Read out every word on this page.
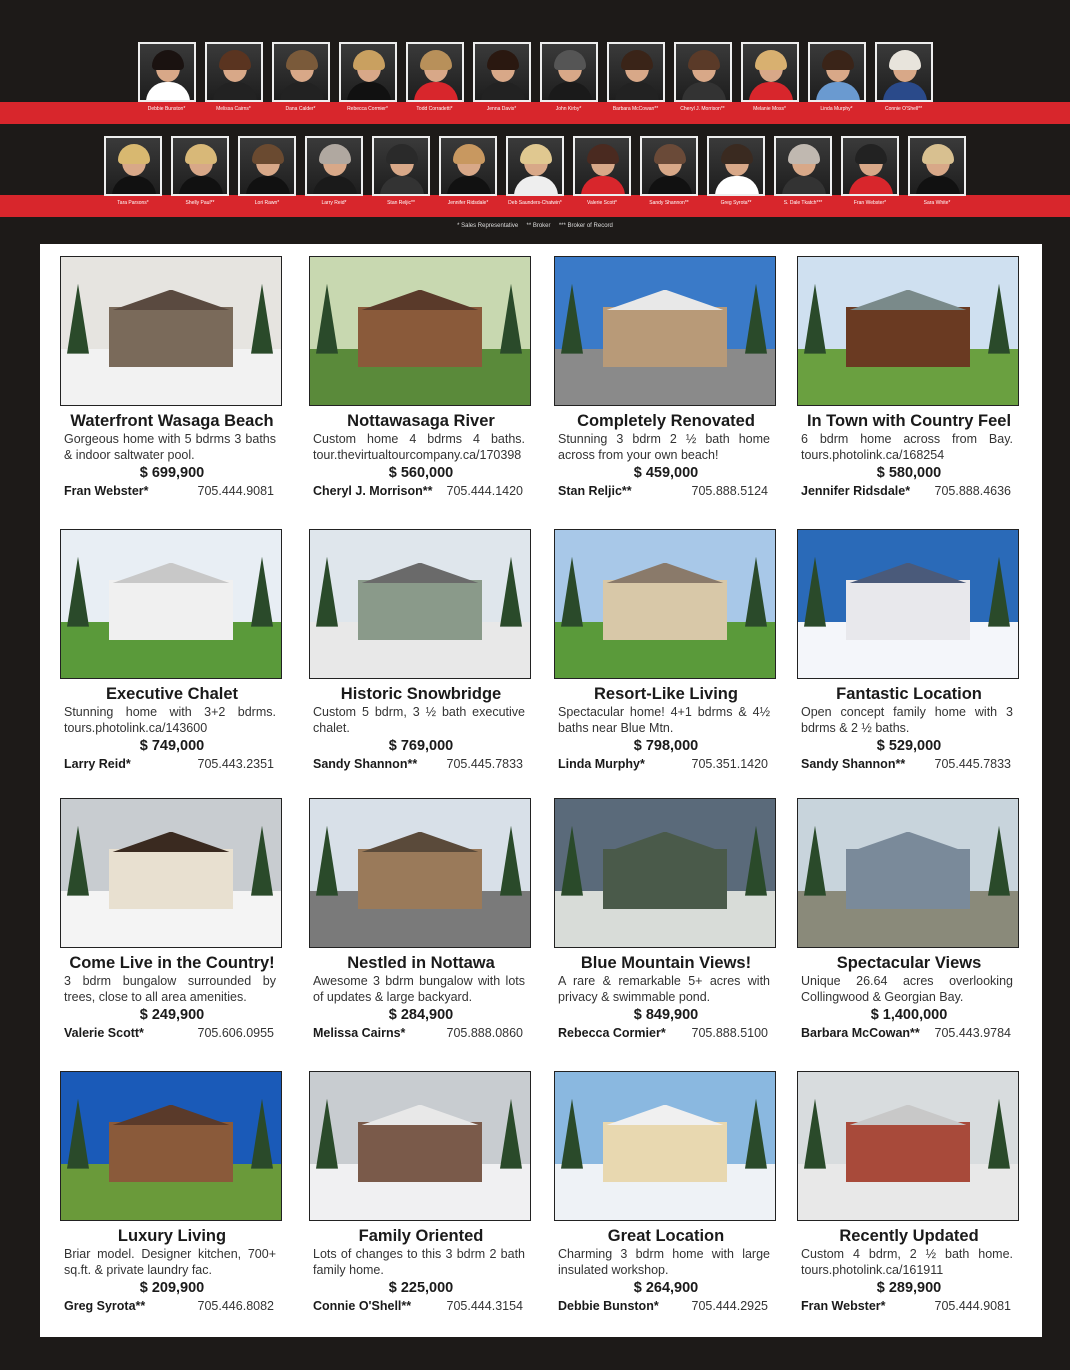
Debbie Bunston*	Melissa Cairns*	Dana Calder*	Rebecca Cormier*	Todd Corradetti*	Jenna Davis*	John Kirby*	Barbara McCowan**	Cheryl J. Morrison**	Melanie Moss*	Linda Murphy*	Connie O'Shell**
Tara Parsons*	Shelly Paul**	Lori Rawn*	Larry Reid*	Stan Reljic**	Jennifer Ridsdale*	Deb Saunders-Chatwin*	Valerie Scott*	Sandy Shannon**	Greg Syrota**	S. Dale Tkatch***	Fran Webster*	Sara White*
* Sales Representative     ** Broker     *** Broker of Record
Waterfront Wasaga Beach
Gorgeous home with 5 bdrms 3 baths & indoor saltwater pool.
$ 699,900
Fran Webster*	705.444.9081
Nottawasaga River
Custom home 4 bdrms 4 baths. tour.thevirtualtourcompany.ca/170398
$ 560,000
Cheryl J. Morrison** 705.444.1420
Completely Renovated
Stunning 3 bdrm 2 ½ bath home across from your own beach!
$ 459,000
Stan Reljic**	705.888.5124
In Town with Country Feel
6 bdrm home across from Bay. tours.photolink.ca/168254
$ 580,000
Jennifer Ridsdale* 705.888.4636
Executive Chalet
Stunning home with 3+2 bdrms. tours.photolink.ca/143600
$ 749,000
Larry Reid*	705.443.2351
Historic Snowbridge
Custom 5 bdrm, 3 ½ bath executive chalet.
$ 769,000
Sandy Shannon** 705.445.7833
Resort-Like Living
Spectacular home! 4+1 bdrms & 4½ baths near Blue Mtn.
$ 798,000
Linda Murphy*	705.351.1420
Fantastic Location
Open concept family home with 3 bdrms & 2 ½ baths.
$ 529,000
Sandy Shannon** 705.445.7833
Come Live in the Country!
3 bdrm bungalow surrounded by trees, close to all area amenities.
$ 249,900
Valerie Scott*	705.606.0955
Nestled in Nottawa
Awesome 3 bdrm bungalow with lots of updates & large backyard.
$ 284,900
Melissa Cairns*	705.888.0860
Blue Mountain Views!
A rare & remarkable 5+ acres with privacy & swimmable pond.
$ 849,900
Rebecca Cormier* 705.888.5100
Spectacular Views
Unique 26.64 acres overlooking Collingwood & Georgian Bay.
$ 1,400,000
Barbara McCowan** 705.443.9784
Luxury Living
Briar model. Designer kitchen, 700+ sq.ft. & private laundry fac.
$ 209,900
Greg Syrota**	705.446.8082
Family Oriented
Lots of changes to this 3 bdrm 2 bath family home.
$ 225,000
Connie O'Shell**	705.444.3154
Great Location
Charming 3 bdrm home with large insulated workshop.
$ 264,900
Debbie Bunston*	705.444.2925
Recently Updated
Custom 4 bdrm, 2 ½ bath home. tours.photolink.ca/161911
$ 289,900
Fran Webster*	705.444.9081
